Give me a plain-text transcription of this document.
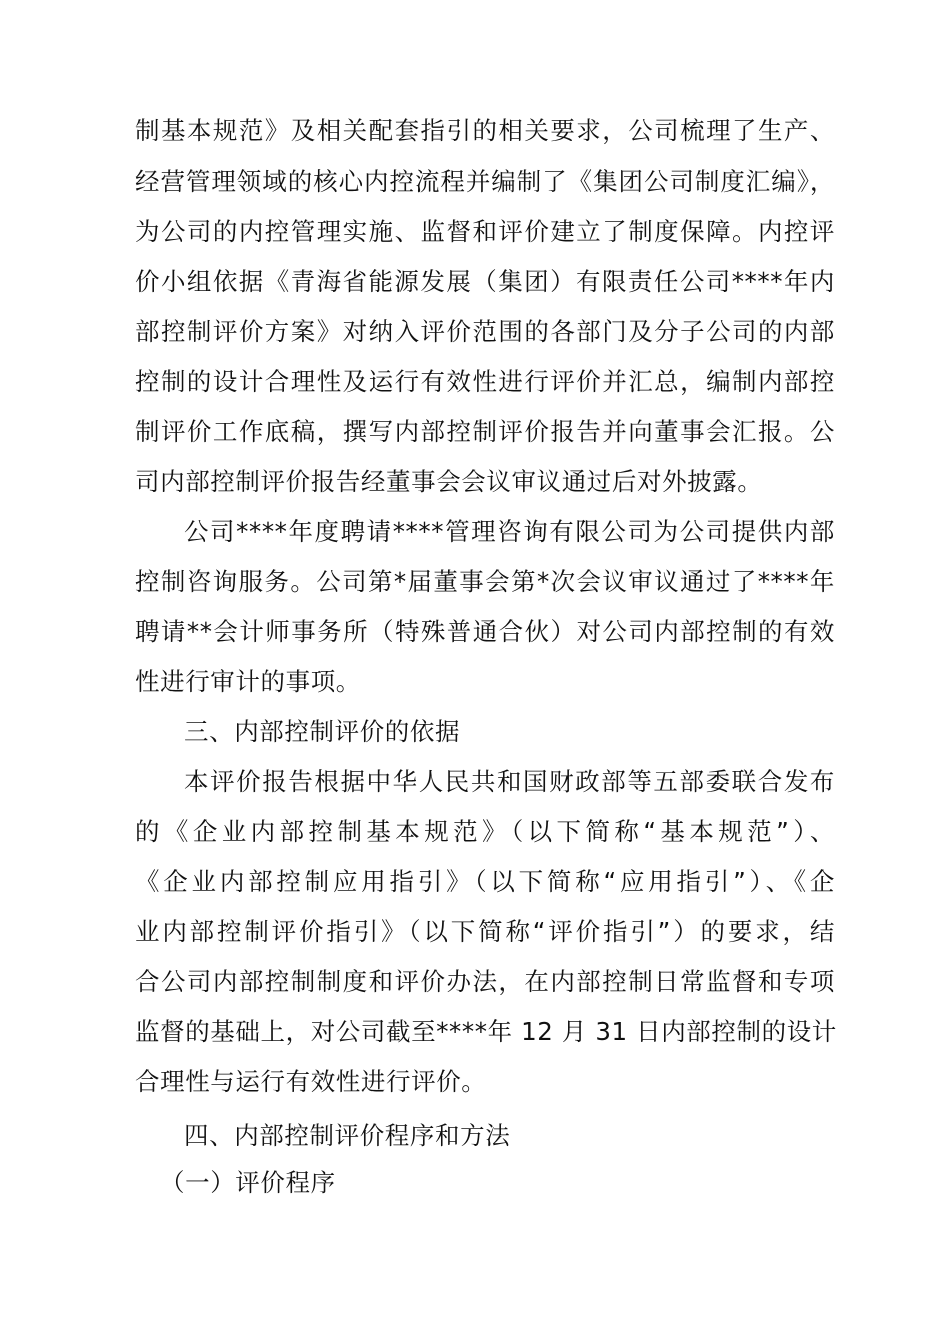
制基本规范》及相关配套指引的相关要求，公司梳理了生产、
经营管理领域的核心内控流程并编制了《集团公司制度汇编》，
为公司的内控管理实施、监督和评价建立了制度保障。内控评
价小组依据《青海省能源发展（集团）有限责任公司****年内
部控制评价方案》对纳入评价范围的各部门及分子公司的内部
控制的设计合理性及运行有效性进行评价并汇总，编制内部控
制评价工作底稿，撰写内部控制评价报告并向董事会汇报。公
司内部控制评价报告经董事会会议审议通过后对外披露。
公司****年度聘请****管理咨询有限公司为公司提供内部
控制咨询服务。公司第*届董事会第*次会议审议通过了****年
聘请**会计师事务所（特殊普通合伙）对公司内部控制的有效
性进行审计的事项。
三、内部控制评价的依据
本评价报告根据中华人民共和国财政部等五部委联合发布
的《企业内部控制基本规范》（以下简称“基本规范”）、
《企业内部控制应用指引》（以下简称“应用指引”）、《企
业内部控制评价指引》（以下简称“评价指引”）的要求，结
合公司内部控制制度和评价办法，在内部控制日常监督和专项
监督的基础上，对公司截至****年 12 月 31 日内部控制的设计
合理性与运行有效性进行评价。
四、内部控制评价程序和方法
（一）评价程序
